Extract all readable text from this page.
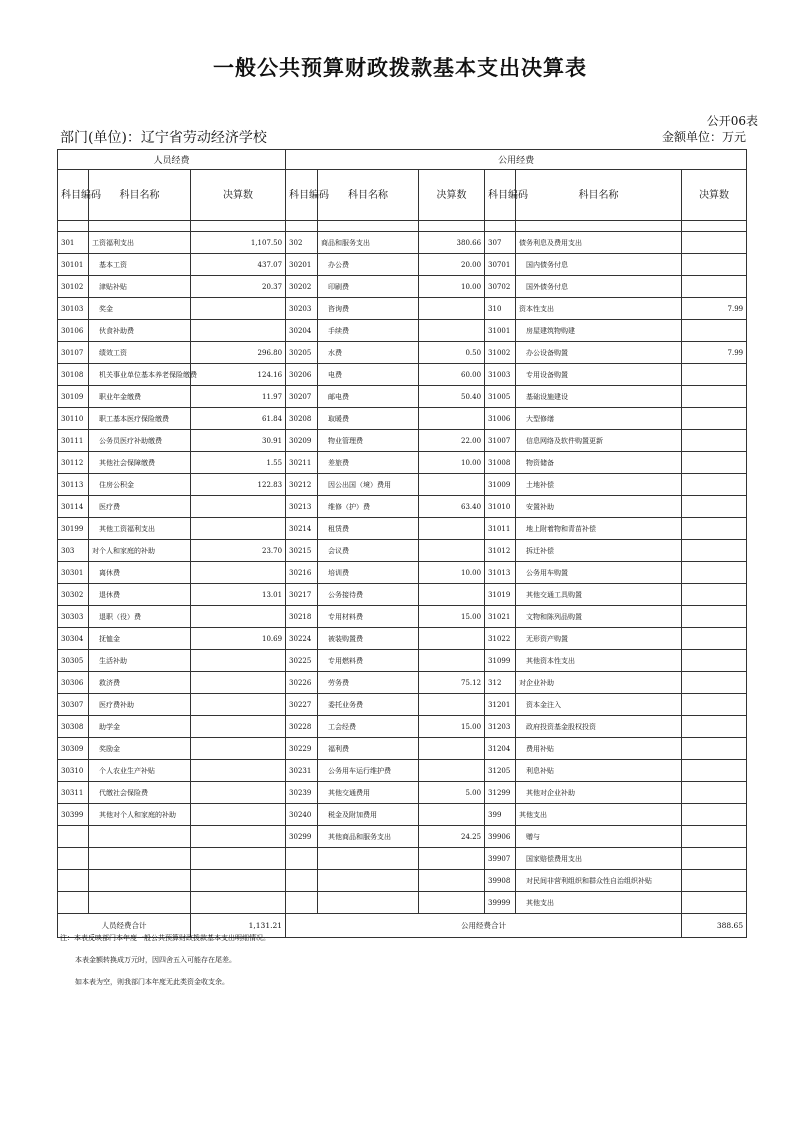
一般公共预算财政拨款基本支出决算表
公开06表
部门(单位)：辽宁省劳动经济学校	金额单位：万元
人员经费			公用经费					
科目编码	科目名称	决算数	科目编码	科目名称	决算数	科目编码	科目名称	决算数

301	工资福利支出	1,107.50	302	商品和服务支出	380.66	307	债务利息及费用支出	
30101	基本工资	437.07	30201	办公费	20.00	30701	国内债务付息	
30102	津贴补贴	20.37	30202	印刷费	10.00	30702	国外债务付息	
30103	奖金		30203	咨询费		310	资本性支出	7.99
30106	伙食补助费		30204	手续费		31001	房屋建筑物购建	
30107	绩效工资	296.80	30205	水费	0.50	31002	办公设备购置	7.99
30108	机关事业单位基本养老保险缴费	124.16	30206	电费	60.00	31003	专用设备购置	
30109	职业年金缴费	11.97	30207	邮电费	50.40	31005	基础设施建设	
30110	职工基本医疗保险缴费	61.84	30208	取暖费		31006	大型修缮	
30111	公务员医疗补助缴费	30.91	30209	物业管理费	22.00	31007	信息网络及软件购置更新	
30112	其他社会保障缴费	1.55	30211	差旅费	10.00	31008	物资储备	
30113	住房公积金	122.83	30212	因公出国（境）费用		31009	土地补偿	
30114	医疗费		30213	维修（护）费	63.40	31010	安置补助	
30199	其他工资福利支出		30214	租赁费		31011	地上附着物和青苗补偿	
303	对个人和家庭的补助	23.70	30215	会议费		31012	拆迁补偿	
30301	离休费		30216	培训费	10.00	31013	公务用车购置	
30302	退休费	13.01	30217	公务接待费		31019	其他交通工具购置	
30303	退职（役）费		30218	专用材料费	15.00	31021	文物和陈列品购置	
30304	抚恤金	10.69	30224	被装购置费		31022	无形资产购置	
30305	生活补助		30225	专用燃料费		31099	其他资本性支出	
30306	救济费		30226	劳务费	75.12	312	对企业补助	
30307	医疗费补助		30227	委托业务费		31201	资本金注入	
30308	助学金		30228	工会经费	15.00	31203	政府投资基金股权投资	
30309	奖励金		30229	福利费		31204	费用补贴	
30310	个人农业生产补贴		30231	公务用车运行维护费		31205	利息补贴	
30311	代缴社会保险费		30239	其他交通费用	5.00	31299	其他对企业补助	
30399	其他对个人和家庭的补助		30240	税金及附加费用		399	其他支出	
			30299	其他商品和服务支出	24.25	39906	赠与	
						39907	国家赔偿费用支出	
						39908	对民间非营利组织和群众性自治组织补贴	
						39999	其他支出	
人员经费合计		1,131.21	公用经费合计					388.65
注：本表反映部门本年度一般公共预算财政拨款基本支出明细情况。
本表金额转换成万元时，因四舍五入可能存在尾差。
如本表为空，则我部门本年度无此类资金收支余。
